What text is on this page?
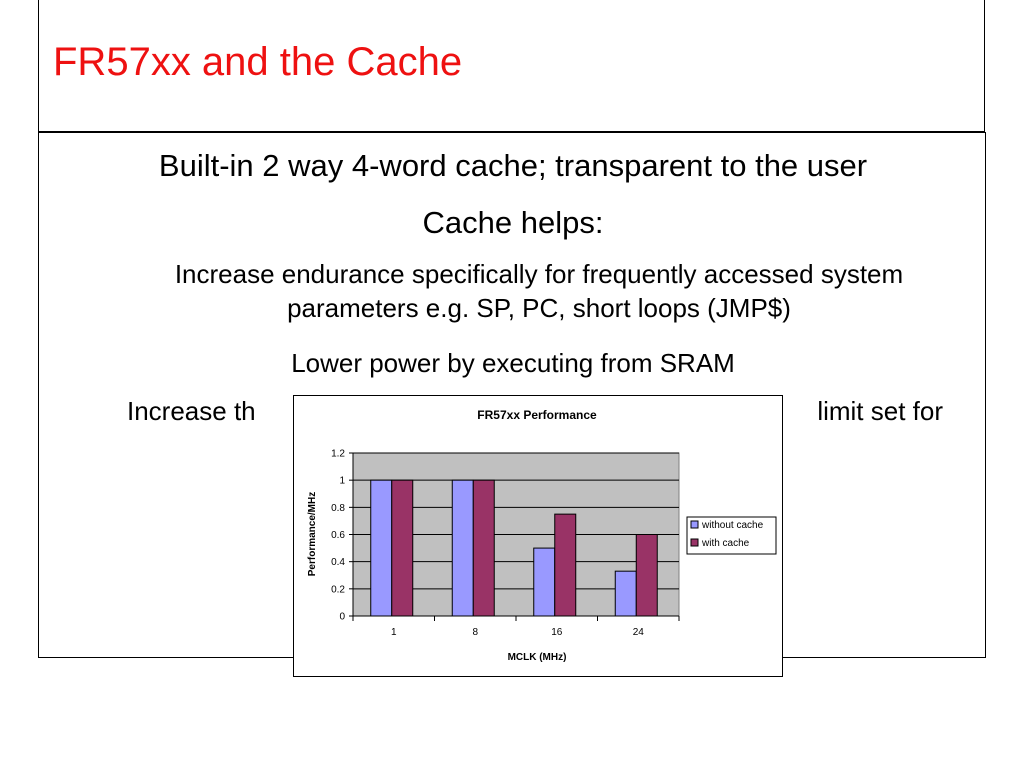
FR57xx and the Cache

Built-in 2 way 4-word cache; transparent to the user

Cache helps:

Increase endurance specifically for frequently accessed system parameters e.g. SP, PC, short loops (JMP$)

Lower power by executing from SRAM

Increase th	limit set for

FR57xx Performance
0
0.2
0.4
0.6
0.8
1
1.2
1	8	16	24
MCLK (MHz)
Performance/MHz	without cache
with cache
